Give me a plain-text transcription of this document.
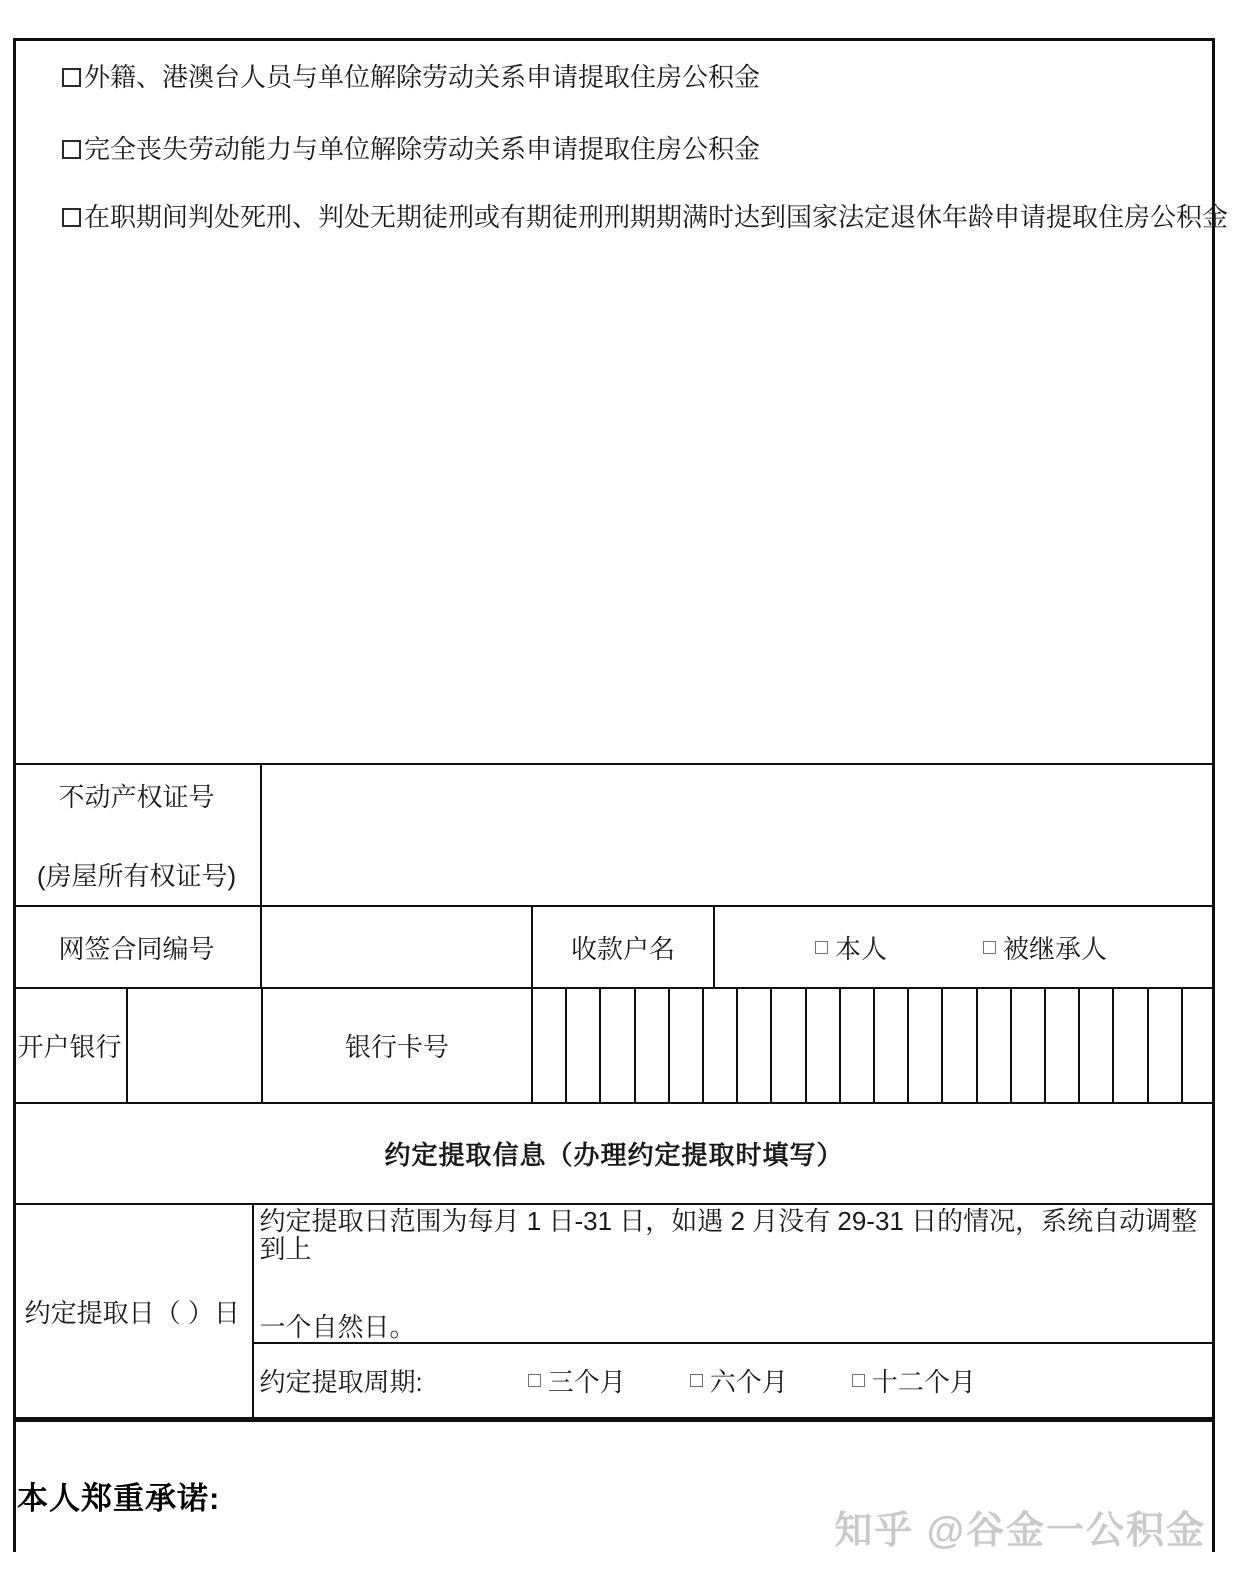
外籍、港澳台人员与单位解除劳动关系申请提取住房公积金
完全丧失劳动能力与单位解除劳动关系申请提取住房公积金
在职期间判处死刑、判处无期徒刑或有期徒刑刑期期满时达到国家法定退休年龄申请提取住房公积金
不动产权证号
(房屋所有权证号)
网签合同编号	收款户名	本人	被继承人
开户银行	银行卡号
约定提取信息（办理约定提取时填写）
约定提取日（ ）日
约定提取日范围为每月 1 日-31 日，如遇 2 月没有 29-31 日的情况，系统自动调整到上
一个自然日。
约定提取周期:	三个月	六个月	十二个月
本人郑重承诺:
知乎 @谷金一公积金
